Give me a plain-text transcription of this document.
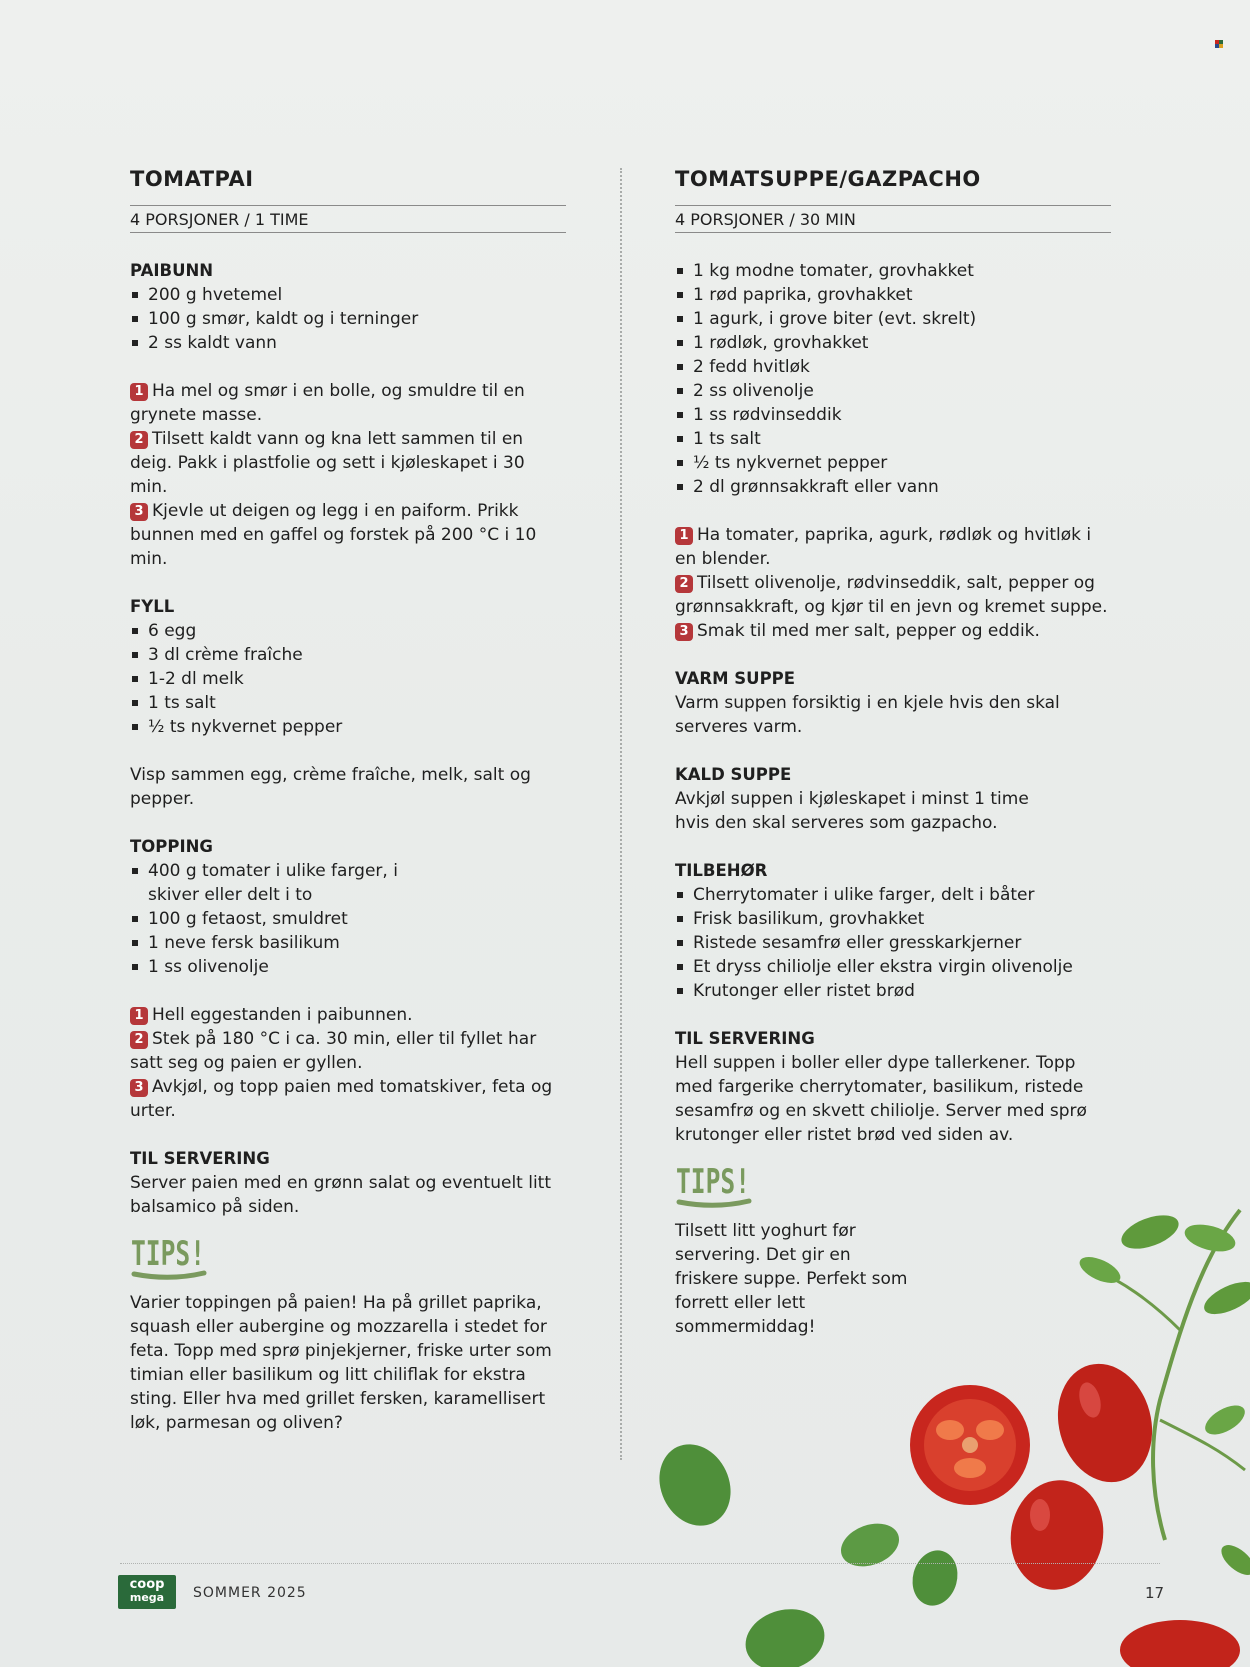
TOMATPAI
4 PORSJONER / 1 TIME
PAIBUNN
200 g hvetemel
100 g smør, kaldt og i terninger
2 ss kaldt vann

1 Ha mel og smør i en bolle, og smuldre til en grynete masse.

2 Tilsett kaldt vann og kna lett sammen til en deig. Pakk i plastfolie og sett i kjøleskapet i 30 min.

3 Kjevle ut deigen og legg i en paiform. Prikk bunnen med en gaffel og forstek på 200 °C i 10 min.

FYLL
6 egg
3 dl crème fraîche
1-2 dl melk
1 ts salt
½ ts nykvernet pepper

Visp sammen egg, crème fraîche, melk, salt og pepper.

TOPPING
400 g tomater i ulike farger, i skiver eller delt i to
100 g fetaost, smuldret
1 neve fersk basilikum
1 ss olivenolje

1 Hell eggestanden i paibunnen.

2 Stek på 180 °C i ca. 30 min, eller til fyllet har satt seg og paien er gyllen.

3 Avkjøl, og topp paien med tomatskiver, feta og urter.

TIL SERVERING

Server paien med en grønn salat og eventuelt litt balsamico på siden.

TIPS!

Varier toppingen på paien! Ha på grillet paprika, squash eller aubergine og mozzarella i stedet for feta. Topp med sprø pinjekjerner, friske urter som timian eller basilikum og litt chiliflak for ekstra sting. Eller hva med grillet fersken, karamellisert løk, parmesan og oliven?

TOMATSUPPE/GAZPACHO
4 PORSJONER / 30 MIN
1 kg modne tomater, grovhakket
1 rød paprika, grovhakket
1 agurk, i grove biter (evt. skrelt)
1 rødløk, grovhakket
2 fedd hvitløk
2 ss olivenolje
1 ss rødvinseddik
1 ts salt
½ ts nykvernet pepper
2 dl grønnsakkraft eller vann

1 Ha tomater, paprika, agurk, rødløk og hvitløk i en blender.

2 Tilsett olivenolje, rødvinseddik, salt, pepper og grønnsakkraft, og kjør til en jevn og kremet suppe.

3 Smak til med mer salt, pepper og eddik.

VARM SUPPE

Varm suppen forsiktig i en kjele hvis den skal serveres varm.

KALD SUPPE

Avkjøl suppen i kjøleskapet i minst 1 time hvis den skal serveres som gazpacho.

TILBEHØR
Cherrytomater i ulike farger, delt i båter
Frisk basilikum, grovhakket
Ristede sesamfrø eller gresskarkjerner
Et dryss chiliolje eller ekstra virgin olivenolje
Krutonger eller ristet brød
TIL SERVERING

Hell suppen i boller eller dype tallerkener. Topp med fargerike cherrytomater, basilikum, ristede sesamfrø og en skvett chiliolje. Server med sprø krutonger eller ristet brød ved siden av.

TIPS!

Tilsett litt yoghurt før servering. Det gir en friskere suppe. Perfekt som forrett eller lett sommermiddag!

coop
mega	SOMMER 2025	17
